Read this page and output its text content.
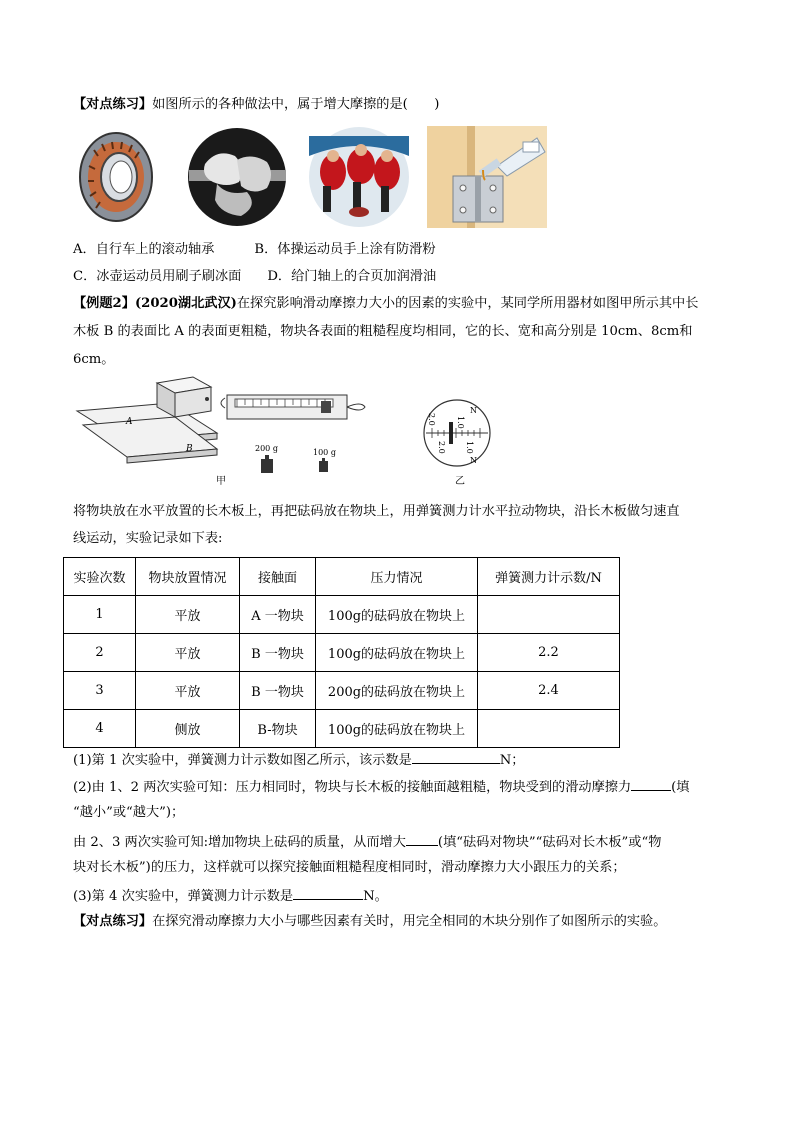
【对点练习】如图所示的各种做法中，属于增大摩擦的是(　　)
A．自行车上的滚动轴承	B．体操运动员手上涂有防滑粉
C．冰壶运动员用刷子刷冰面 D．给门轴上的合页加润滑油
【例题2】(2020湖北武汉)在探究影响滑动摩擦力大小的因素的实验中，某同学所用器材如图甲所示其中长
木板 B 的表面比 A 的表面更粗糙，物块各表面的粗糙程度均相同，它的长、宽和高分别是 10cm、8cm和
6cm。
200 g	100 g
A
B
甲
2.0	1.0
N
2.0 1.0
N
乙
将物块放在水平放置的长木板上，再把砝码放在物块上，用弹簧测力计水平拉动物块，沿长木板做匀速直
线运动，实验记录如下表:
实验次数	物块放置情况	接触面	压力情况	弹簧测力计示数/N
1	平放	A 一物块	100g的砝码放在物块上	
2	平放	B 一物块	100g的砝码放在物块上	2.2
3	平放	B 一物块	200g的砝码放在物块上	2.4
4	侧放	B-物块	100g的砝码放在物块上	
(1)第 1 次实验中，弹簧测力计示数如图乙所示，该示数是	N；
(2)由 1、2 两次实验可知：压力相同时，物块与长木板的接触面越粗糙，物块受到的滑动摩擦力	(填
“越小”或“越大”)；
由 2、3 两次实验可知:增加物块上砝码的质量，从而增大 (填“砝码对物块”“砝码对长木板”或“物
块对长木板”)的压力，这样就可以探究接触面粗糙程度相同时，滑动摩擦力大小跟压力的关系；
(3)第 4 次实验中，弹簧测力计示数是	N。
【对点练习】在探究滑动摩擦力大小与哪些因素有关时，用完全相同的木块分别作了如图所示的实验。
